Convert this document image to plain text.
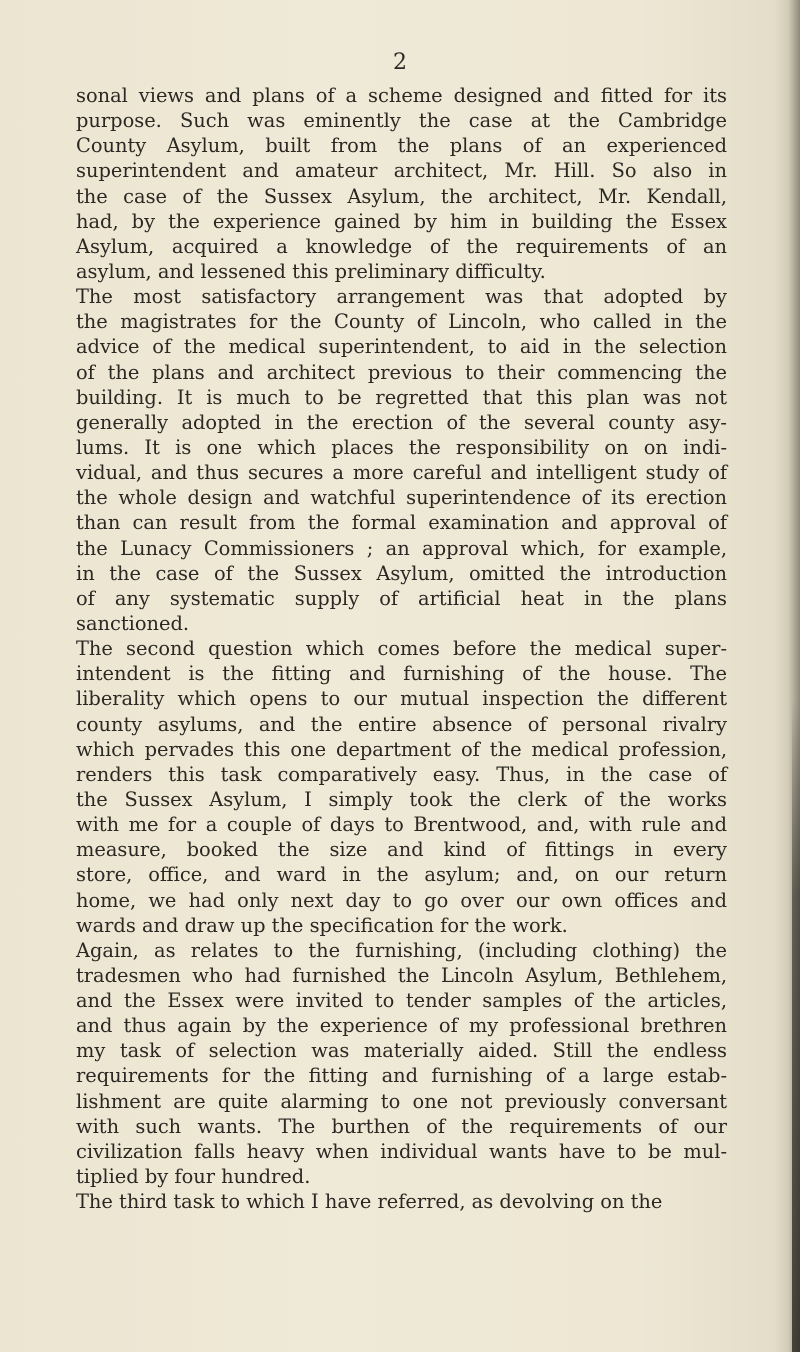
2
sonal views and plans of a scheme designed and fitted for its
purpose. Such was eminently the case at the Cambridge
County Asylum, built from the plans of an experienced
superintendent and amateur architect, Mr. Hill. So also in
the case of the Sussex Asylum, the architect, Mr. Kendall,
had, by the experience gained by him in building the Essex
Asylum, acquired a knowledge of the requirements of an
asylum, and lessened this preliminary difficulty.
The most satisfactory arrangement was that adopted by
the magistrates for the County of Lincoln, who called in the
advice of the medical superintendent, to aid in the selection
of the plans and architect previous to their commencing the
building. It is much to be regretted that this plan was not
generally adopted in the erection of the several county asy-
lums. It is one which places the responsibility on on indi-
vidual, and thus secures a more careful and intelligent study of
the whole design and watchful superintendence of its erection
than can result from the formal examination and approval of
the Lunacy Commissioners ; an approval which, for example,
in the case of the Sussex Asylum, omitted the introduction
of any systematic supply of artificial heat in the plans
sanctioned.
The second question which comes before the medical super-
intendent is the fitting and furnishing of the house. The
liberality which opens to our mutual inspection the different
county asylums, and the entire absence of personal rivalry
which pervades this one department of the medical profession,
renders this task comparatively easy. Thus, in the case of
the Sussex Asylum, I simply took the clerk of the works
with me for a couple of days to Brentwood, and, with rule and
measure, booked the size and kind of fittings in every
store, office, and ward in the asylum; and, on our return
home, we had only next day to go over our own offices and
wards and draw up the specification for the work.
Again, as relates to the furnishing, (including clothing) the
tradesmen who had furnished the Lincoln Asylum, Bethlehem,
and the Essex were invited to tender samples of the articles,
and thus again by the experience of my professional brethren
my task of selection was materially aided. Still the endless
requirements for the fitting and furnishing of a large estab-
lishment are quite alarming to one not previously conversant
with such wants. The burthen of the requirements of our
civilization falls heavy when individual wants have to be mul-
tiplied by four hundred.
The third task to which I have referred, as devolving on the
